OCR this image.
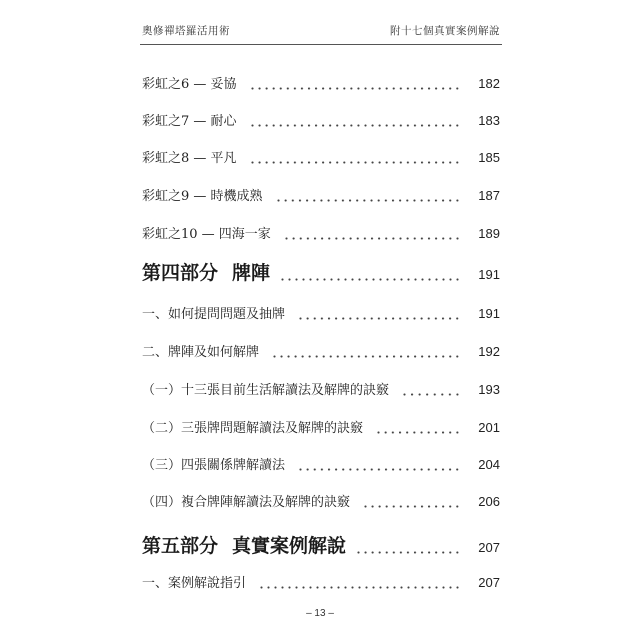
奧修禪塔羅活用術	附十七個真實案例解說
彩虹之6 — 妥協	182
彩虹之7 — 耐心	183
彩虹之8 — 平凡	185
彩虹之9 — 時機成熟	187
彩虹之10 — 四海一家	189
第四部分 牌陣	191
一、如何提問問題及抽牌	191
二、牌陣及如何解牌	192
（一）十三張目前生活解讀法及解牌的訣竅	193
（二）三張牌問題解讀法及解牌的訣竅	201
（三）四張關係牌解讀法	204
（四）複合牌陣解讀法及解牌的訣竅	206
第五部分 真實案例解說	207
一、案例解說指引	207
– 13 –
